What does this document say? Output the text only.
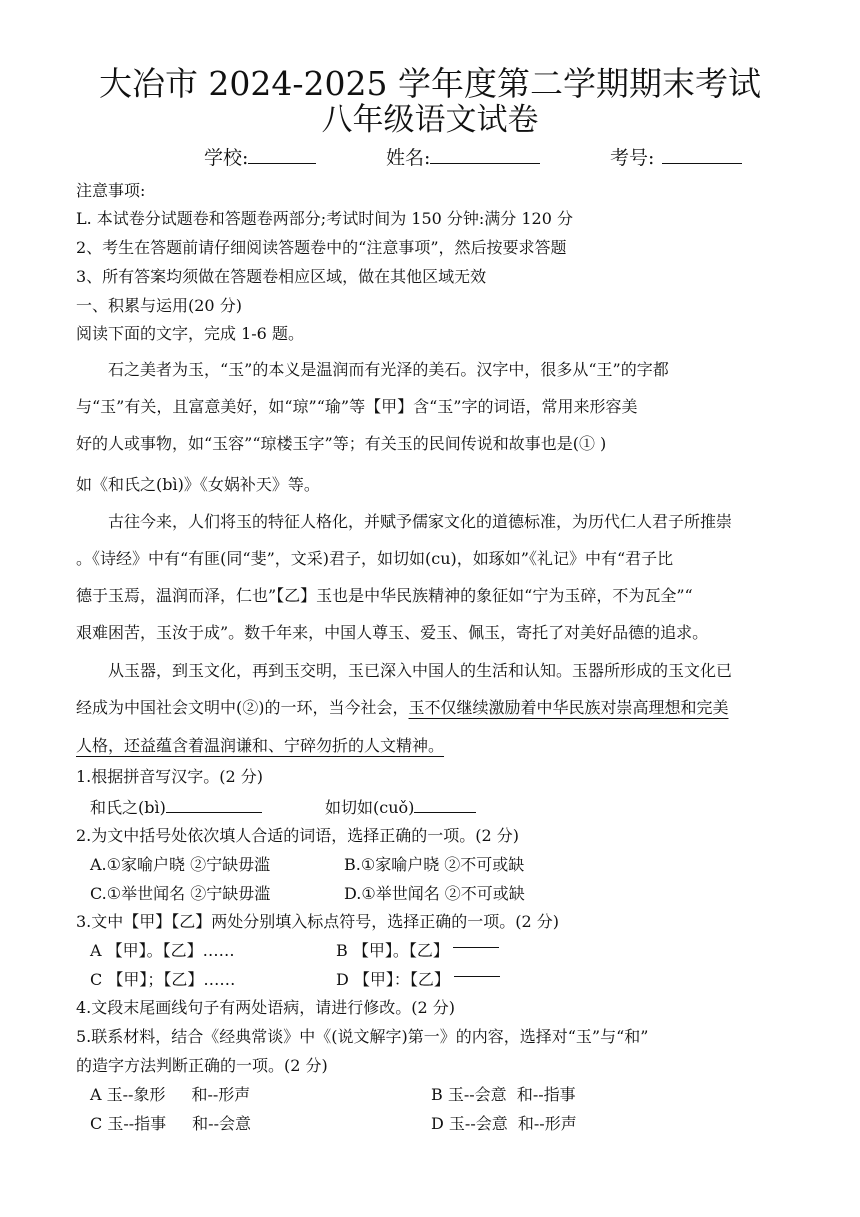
大冶市 2024-2025 学年度第二学期期末考试
八年级语文试卷
学校:	姓名:	考号:
注意事项:
L. 本试卷分试题卷和答题卷两部分;考试时间为 150 分钟:满分 120 分
2、考生在答题前请仔细阅读答题卷中的“注意事项”，然后按要求答题
3、所有答案均须做在答题卷相应区域，做在其他区域无效
一、积累与运用(20 分)
阅读下面的文字，完成 1-6 题。
石之美者为玉，“玉”的本义是温润而有光泽的美石。汉字中，很多从“王”的字都
与“玉”有关，且富意美好，如“琼”“瑜”等【甲】含“玉”字的词语，常用来形容美
好的人或事物，如“玉容”“琼楼玉字”等；有关玉的民间传说和故事也是(① )
如《和氏之(bì)》《女娲补天》等。
古往今来，人们将玉的特征人格化，并赋予儒家文化的道德标准，为历代仁人君子所推崇
。《诗经》中有“有匪(同“斐”，文采)君子，如切如(cu)，如琢如”《礼记》中有“君子比
德于玉焉，温润而泽，仁也”【乙】玉也是中华民族精神的象征如“宁为玉碎，不为瓦全”“
艰难困苦，玉汝于成”。数千年来，中国人尊玉、爱玉、佩玉，寄托了对美好品德的追求。
从玉器，到玉文化，再到玉交明，玉已深入中国人的生活和认知。玉器所形成的玉文化已
经成为中国社会文明中(②)的一环，当今社会，玉不仅继续激励着中华民族对崇高理想和完美
人格，还益蕴含着温润谦和、宁碎勿折的人文精神。
1.根据拼音写汉字。(2 分)
和氏之(bì)	如切如(cuǒ)
2.为文中括号处依次填人合适的词语，选择正确的一项。(2 分)
A.①家喻户晓 ②宁缺毋滥	B.①家喻户晓 ②不可或缺
C.①举世闻名 ②宁缺毋滥	D.①举世闻名 ②不可或缺
3.文中【甲】【乙】两处分别填入标点符号，选择正确的一项。(2 分)
A 【甲】。【乙】……	B 【甲】。【乙】
C 【甲】；【乙】……	D 【甲】：【乙】
4.文段末尾画线句子有两处语病，请进行修改。(2 分)
5.联系材料，结合《经典常谈》中《(说文解字)第一》的内容，选择对“玉”与“和”
的造字方法判断正确的一项。(2 分)
A 玉--象形 和--形声	B 玉--会意  和--指事
C 玉--指事 和--会意	D 玉--会意  和--形声
